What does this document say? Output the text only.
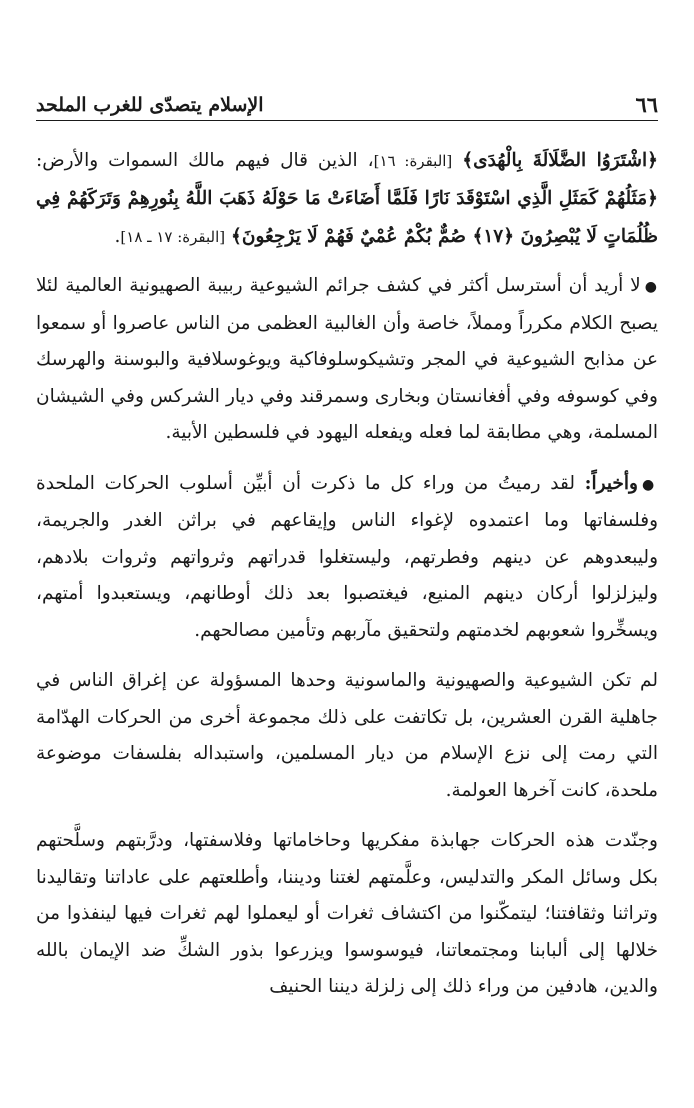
٦٦
الإسلام يتصدّى للغرب الملحد

﴿اشْتَرَوُا الضَّلَالَةَ بِالْهُدَى﴾ [البقرة: ١٦]، الذين قال فيهم مالك السموات والأرض: ﴿مَثَلُهُمْ كَمَثَلِ الَّذِي اسْتَوْقَدَ نَارًا فَلَمَّا أَضَاءَتْ مَا حَوْلَهُ ذَهَبَ اللَّهُ بِنُورِهِمْ وَتَرَكَهُمْ فِي ظُلُمَاتٍ لَا يُبْصِرُونَ ﴿١٧﴾ صُمٌّ بُكْمٌ عُمْيٌ فَهُمْ لَا يَرْجِعُونَ﴾ [البقرة: ١٧ ـ ١٨].

●لا أريد أن أسترسل أكثر في كشف جرائم الشيوعية ربيبة الصهيونية العالمية لئلا يصبح الكلام مكرراً ومملاً، خاصة وأن الغالبية العظمى من الناس عاصروا أو سمعوا عن مذابح الشيوعية في المجر وتشيكوسلوفاكية ويوغوسلافية والبوسنة والهرسك وفي كوسوفه وفي أفغانستان وبخارى وسمرقند وفي ديار الشركس وفي الشيشان المسلمة، وهي مطابقة لما فعله ويفعله اليهود في فلسطين الأبية.

●وأخيراً: لقد رميتُ من وراء كل ما ذكرت أن أبيِّن أسلوب الحركات الملحدة وفلسفاتها وما اعتمدوه لإغواء الناس وإيقاعهم في براثن الغدر والجريمة، وليبعدوهم عن دينهم وفطرتهم، وليستغلوا قدراتهم وثرواتهم وثروات بلادهم، وليزلزلوا أركان دينهم المنيع، فيغتصبوا بعد ذلك أوطانهم، ويستعبدوا أمتهم، ويسخِّروا شعوبهم لخدمتهم ولتحقيق مآربهم وتأمين مصالحهم.

لم تكن الشيوعية والصهيونية والماسونية وحدها المسؤولة عن إغراق الناس في جاهلية القرن العشرين، بل تكاتفت على ذلك مجموعة أخرى من الحركات الهدّامة التي رمت إلى نزع الإسلام من ديار المسلمين، واستبداله بفلسفات موضوعة ملحدة، كانت آخرها العولمة.

وجنّدت هذه الحركات جهابذة مفكريها وحاخاماتها وفلاسفتها، ودرَّبتهم وسلَّحتهم بكل وسائل المكر والتدليس، وعلَّمتهم لغتنا وديننا، وأطلعتهم على عاداتنا وتقاليدنا وتراثنا وثقافتنا؛ ليتمكّنوا من اكتشاف ثغرات أو ليعملوا لهم ثغرات فيها لينفذوا من خلالها إلى ألبابنا ومجتمعاتنا، فيوسوسوا ويزرعوا بذور الشكِّ ضد الإيمان بالله والدين، هادفين من وراء ذلك إلى زلزلة ديننا الحنيف
